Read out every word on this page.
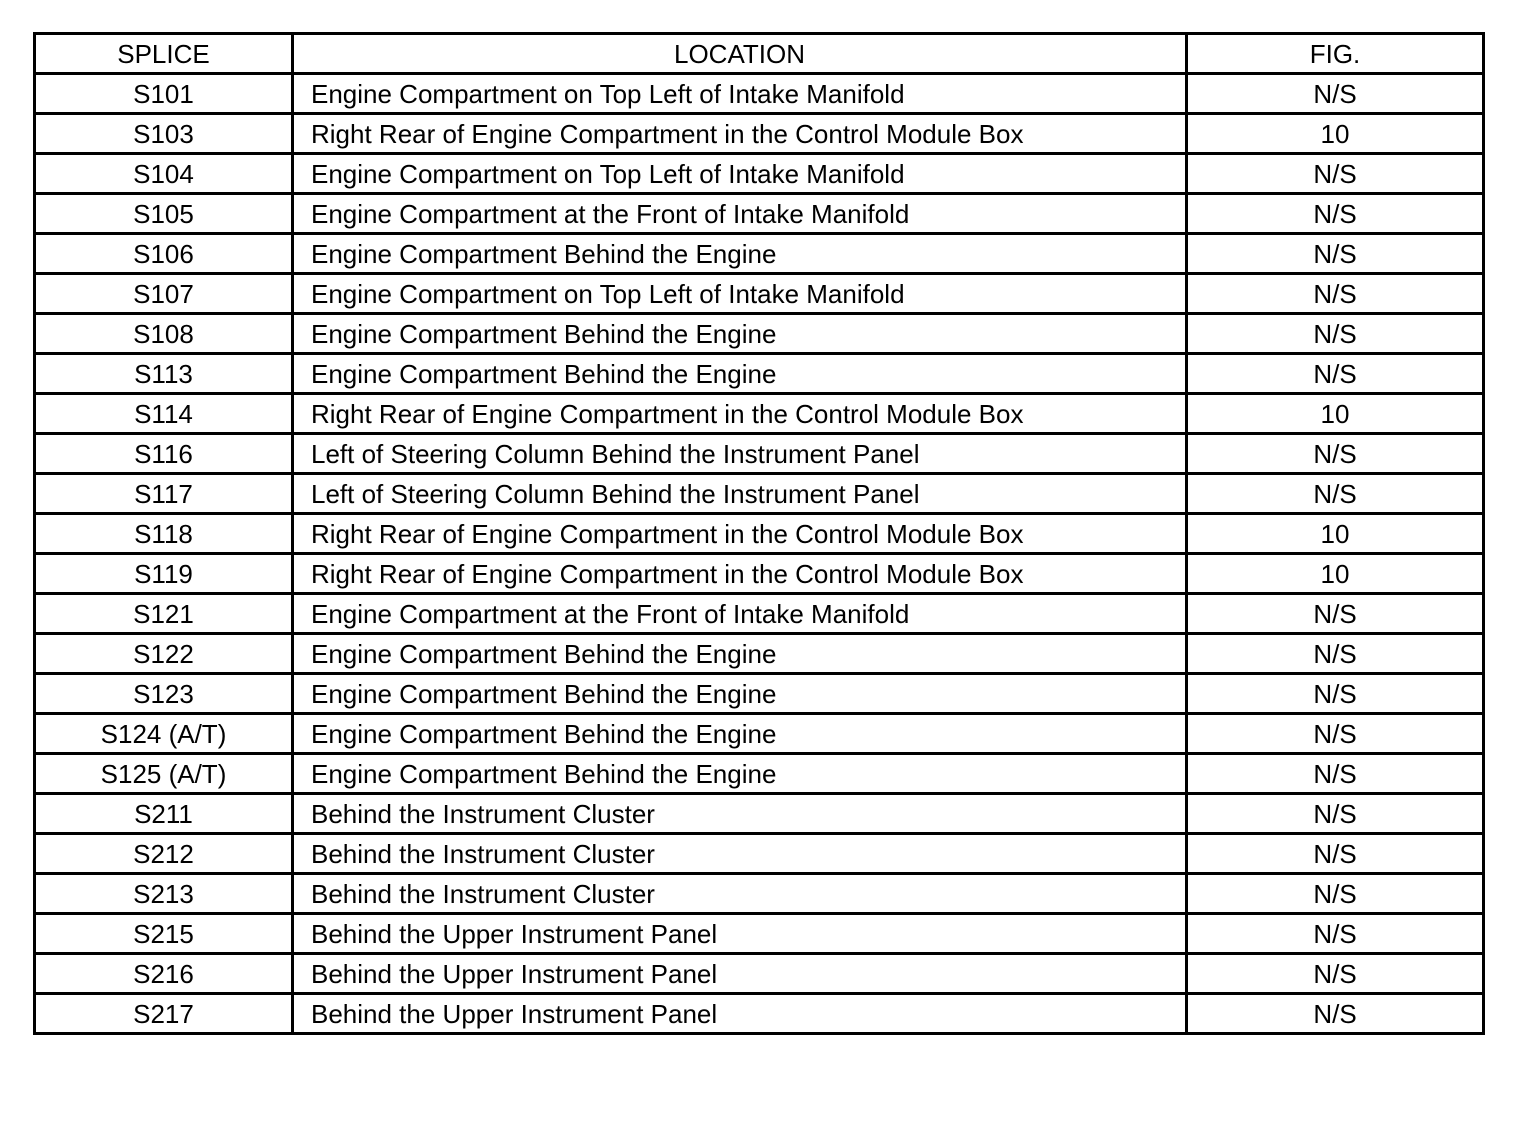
SPLICE	LOCATION	FIG.
S101	Engine Compartment on Top Left of Intake Manifold	N/S
S103	Right Rear of Engine Compartment in the Control Module Box	10
S104	Engine Compartment on Top Left of Intake Manifold	N/S
S105	Engine Compartment at the Front of Intake Manifold	N/S
S106	Engine Compartment Behind the Engine	N/S
S107	Engine Compartment on Top Left of Intake Manifold	N/S
S108	Engine Compartment Behind the Engine	N/S
S113	Engine Compartment Behind the Engine	N/S
S114	Right Rear of Engine Compartment in the Control Module Box	10
S116	Left of Steering Column Behind the Instrument Panel	N/S
S117	Left of Steering Column Behind the Instrument Panel	N/S
S118	Right Rear of Engine Compartment in the Control Module Box	10
S119	Right Rear of Engine Compartment in the Control Module Box	10
S121	Engine Compartment at the Front of Intake Manifold	N/S
S122	Engine Compartment Behind the Engine	N/S
S123	Engine Compartment Behind the Engine	N/S
S124 (A/T)	Engine Compartment Behind the Engine	N/S
S125 (A/T)	Engine Compartment Behind the Engine	N/S
S211	Behind the Instrument Cluster	N/S
S212	Behind the Instrument Cluster	N/S
S213	Behind the Instrument Cluster	N/S
S215	Behind the Upper Instrument Panel	N/S
S216	Behind the Upper Instrument Panel	N/S
S217	Behind the Upper Instrument Panel	N/S
